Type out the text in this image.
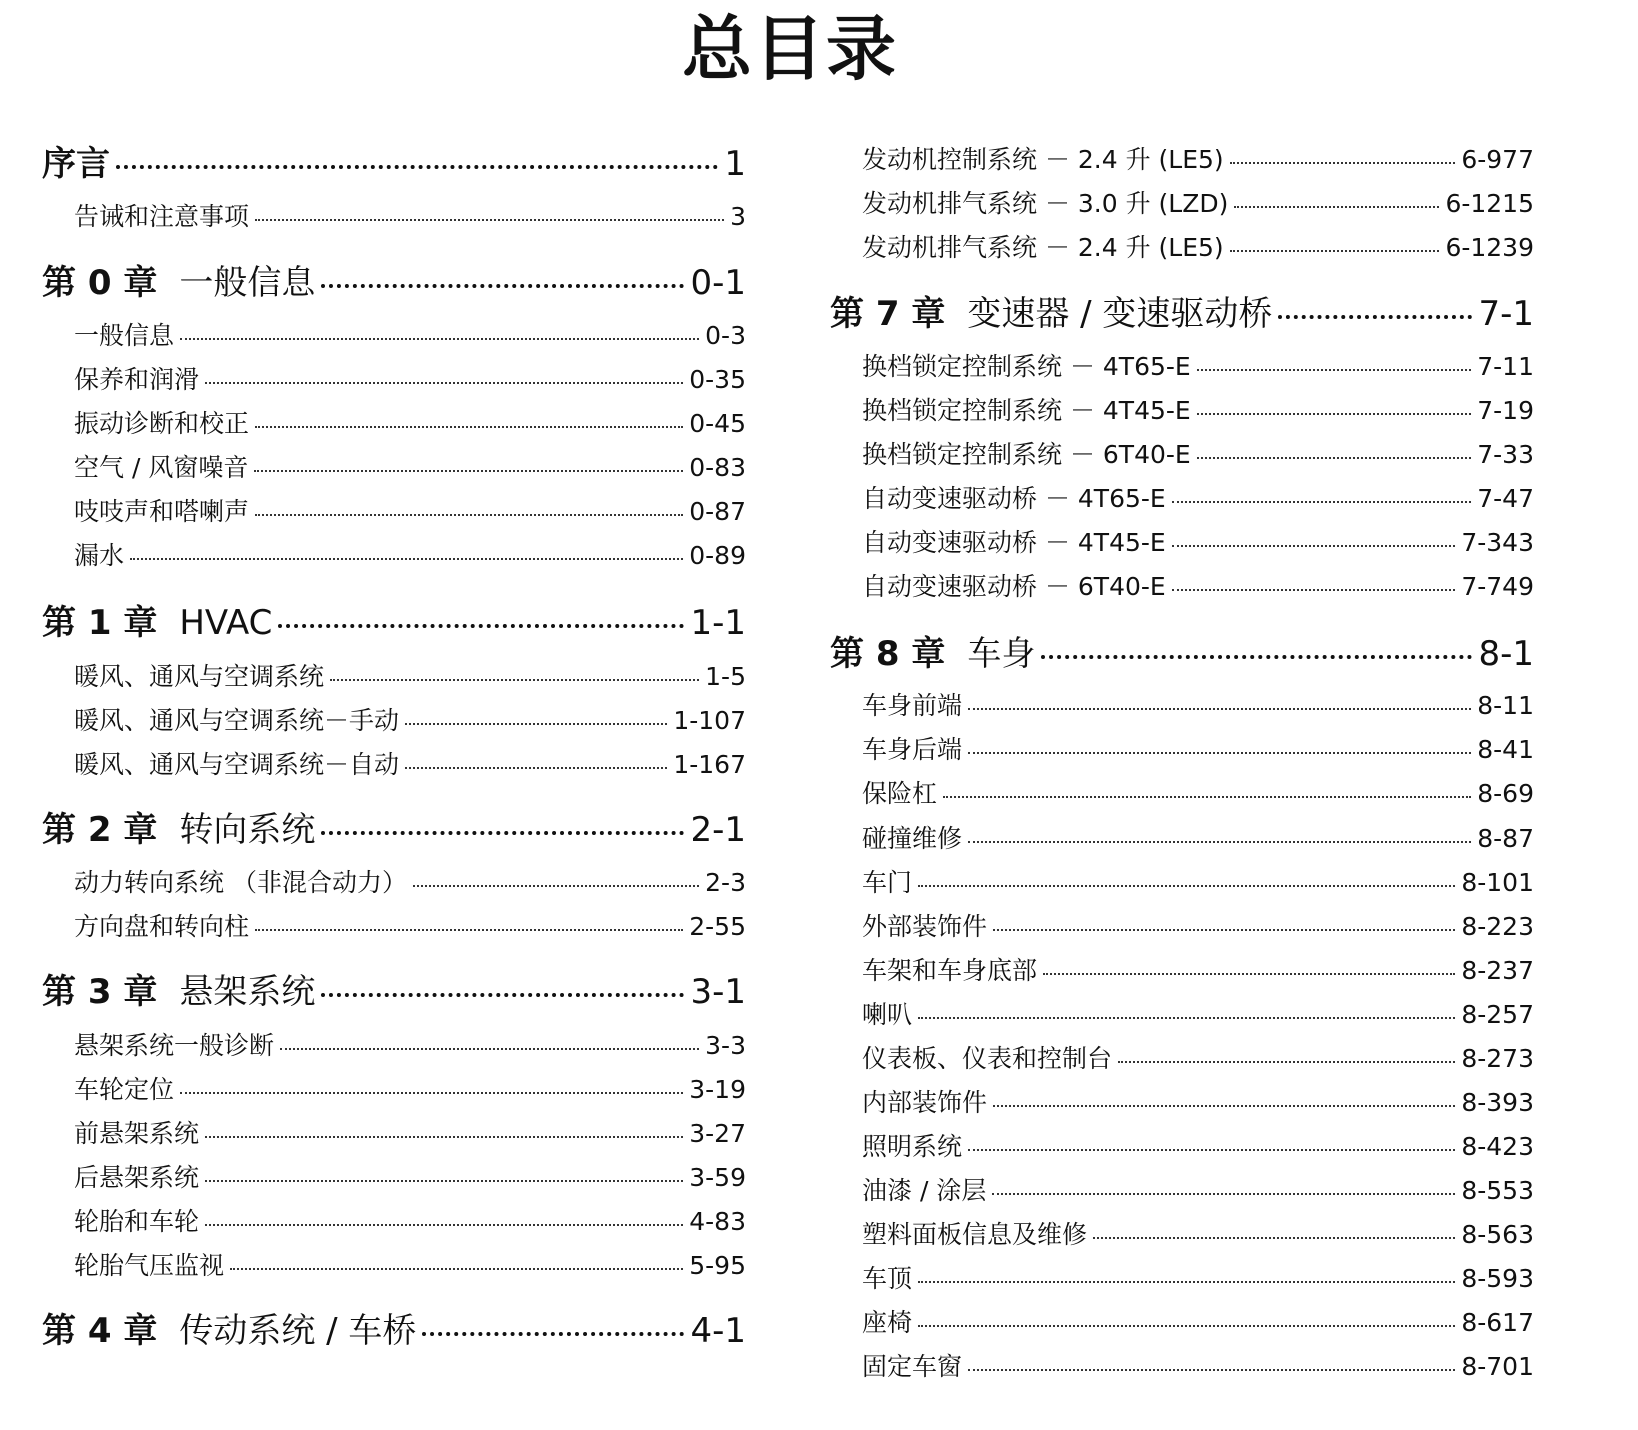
总目录
序言	1
告诫和注意事项	3
第 0 章 一般信息	0-1
一般信息	0-3
保养和润滑	0-35
振动诊断和校正	0-45
空气 / 风窗噪音	0-83
吱吱声和嗒喇声	0-87
漏水	0-89
第 1 章 HVAC	1-1
暖风、通风与空调系统	1-5
暖风、通风与空调系统－手动	1-107
暖风、通风与空调系统－自动	1-167
第 2 章 转向系统	2-1
动力转向系统 （非混合动力）	2-3
方向盘和转向柱	2-55
第 3 章 悬架系统	3-1
悬架系统一般诊断	3-3
车轮定位	3-19
前悬架系统	3-27
后悬架系统	3-59
轮胎和车轮	4-83
轮胎气压监视	5-95
第 4 章 传动系统 / 车桥	4-1
发动机控制系统 － 2.4 升 (LE5)	6-977
发动机排气系统 － 3.0 升 (LZD)	6-1215
发动机排气系统 － 2.4 升 (LE5)	6-1239
第 7 章 变速器 / 变速驱动桥	7-1
换档锁定控制系统 － 4T65-E	7-11
换档锁定控制系统 － 4T45-E	7-19
换档锁定控制系统 － 6T40-E	7-33
自动变速驱动桥 － 4T65-E	7-47
自动变速驱动桥 － 4T45-E	7-343
自动变速驱动桥 － 6T40-E	7-749
第 8 章 车身	8-1
车身前端	8-11
车身后端	8-41
保险杠	8-69
碰撞维修	8-87
车门	8-101
外部装饰件	8-223
车架和车身底部	8-237
喇叭	8-257
仪表板、仪表和控制台	8-273
内部装饰件	8-393
照明系统	8-423
油漆 / 涂层	8-553
塑料面板信息及维修	8-563
车顶	8-593
座椅	8-617
固定车窗	8-701
